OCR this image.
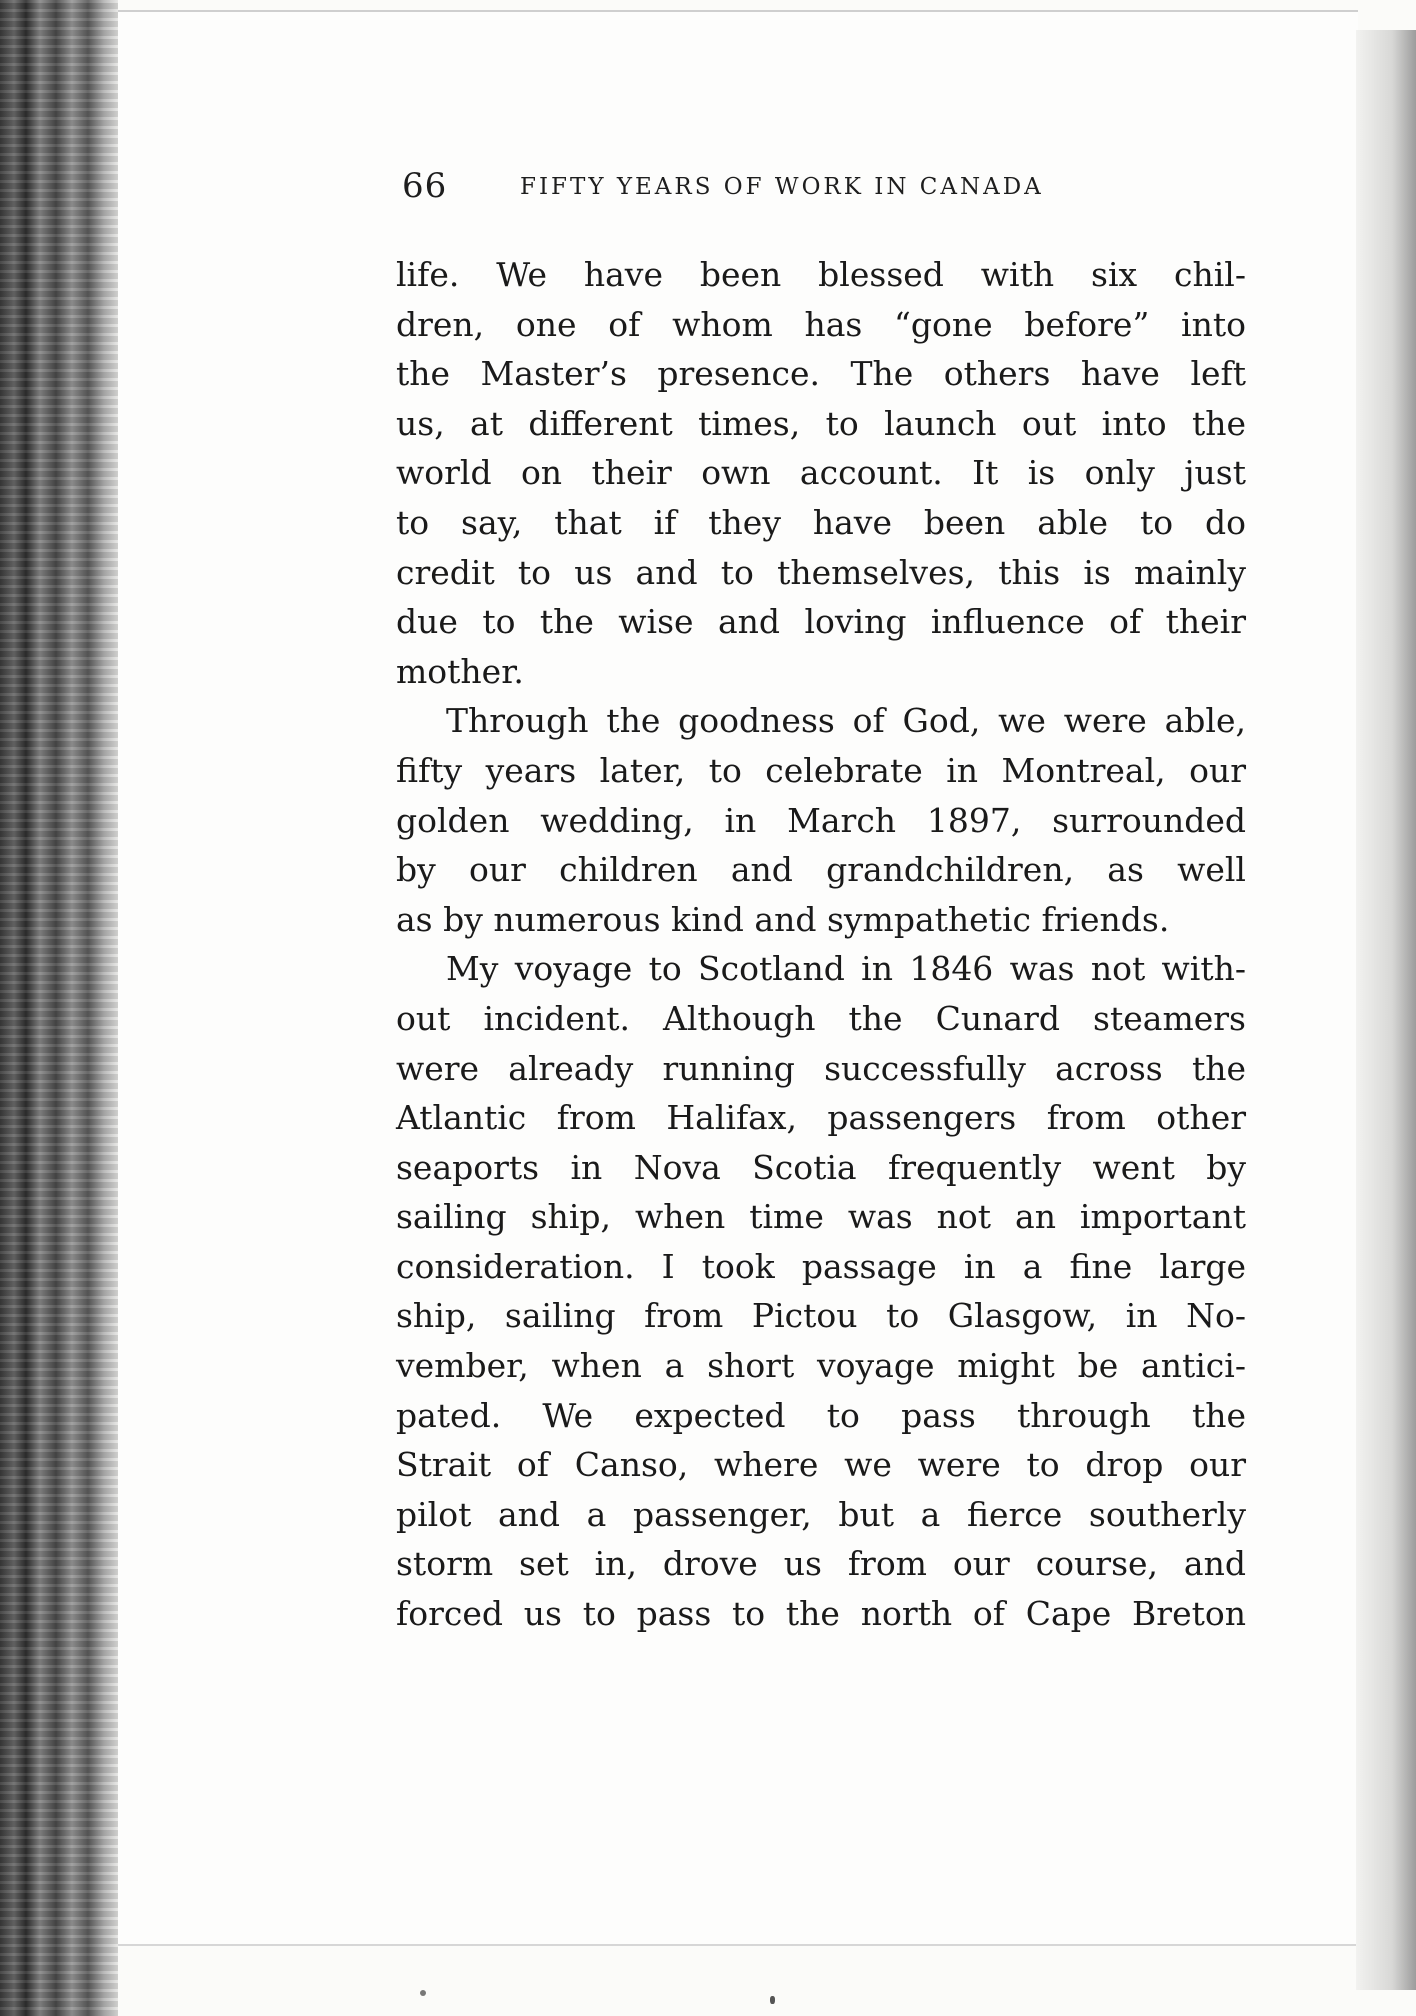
66	FIFTY YEARS OF WORK IN CANADA
life. We have been blessed with six chil-
dren, one of whom has “gone before” into
the Master’s presence. The others have left
us, at different times, to launch out into the
world on their own account. It is only just
to say, that if they have been able to do
credit to us and to themselves, this is mainly
due to the wise and loving influence of their
mother.
Through the goodness of God, we were able,
fifty years later, to celebrate in Montreal, our
golden wedding, in March 1897, surrounded
by our children and grandchildren, as well
as by numerous kind and sympathetic friends.
My voyage to Scotland in 1846 was not with-
out incident. Although the Cunard steamers
were already running successfully across the
Atlantic from Halifax, passengers from other
seaports in Nova Scotia frequently went by
sailing ship, when time was not an important
consideration. I took passage in a fine large
ship, sailing from Pictou to Glasgow, in No-
vember, when a short voyage might be antici-
pated. We expected to pass through the
Strait of Canso, where we were to drop our
pilot and a passenger, but a fierce southerly
storm set in, drove us from our course, and
forced us to pass to the north of Cape Breton
